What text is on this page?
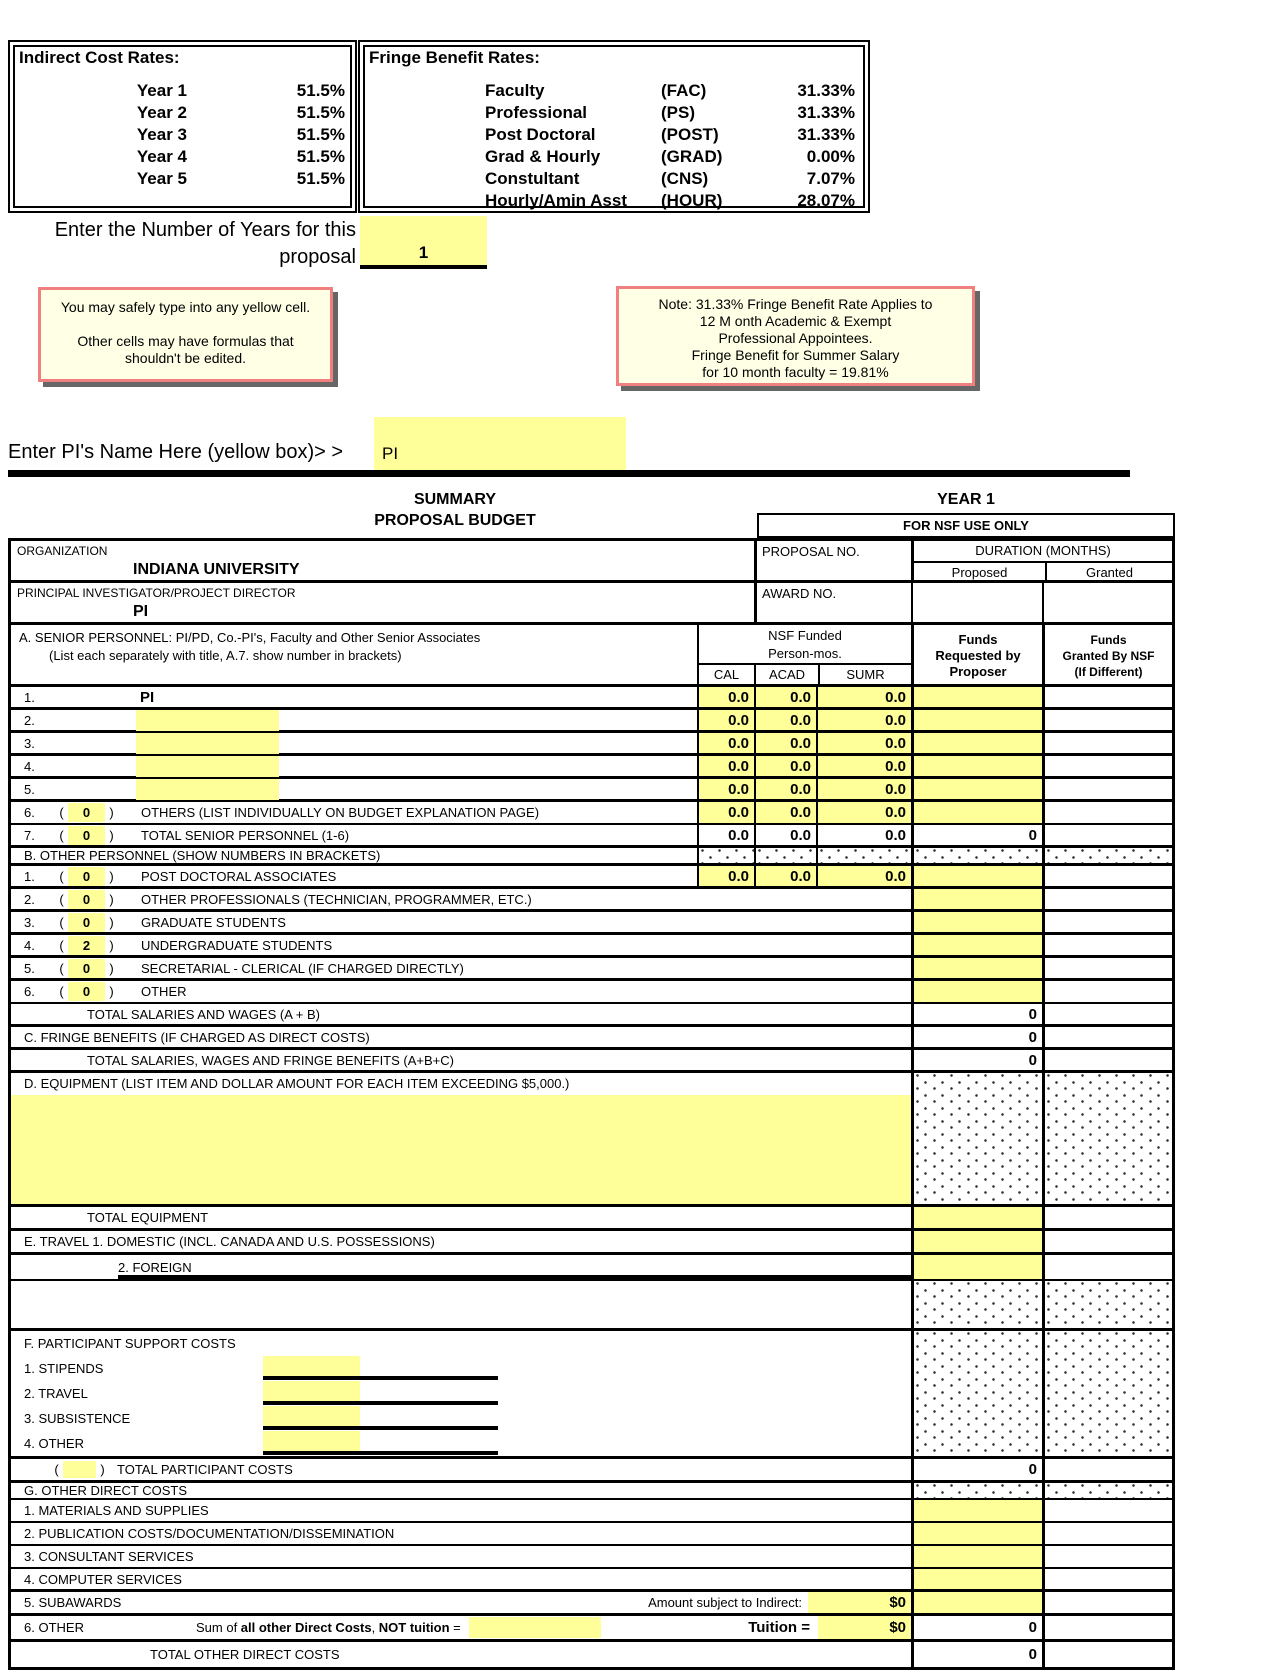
Indirect Cost Rates:
Year 1	51.5%
Year 2	51.5%
Year 3	51.5%
Year 4	51.5%
Year 5	51.5%
Fringe Benefit Rates:
Faculty	(FAC)	31.33%
Professional	(PS)	31.33%
Post Doctoral	(POST)	31.33%
Grad & Hourly	(GRAD)	0.00%
Constultant	(CNS)	7.07%
Hourly/Amin Asst	(HOUR)	28.07%
Enter the Number of Years for this
proposal	1
You may safely type into any yellow cell.

Other cells may have formulas that
shouldn't be edited.
Note: 31.33% Fringe Benefit Rate Applies to
12 M onth Academic & Exempt
Professional Appointees.
Fringe Benefit for Summer Salary
for 10 month faculty = 19.81%
Enter PI's Name Here (yellow box)> > PI
SUMMARY
PROPOSAL BUDGET
YEAR 1
FOR NSF USE ONLY
ORGANIZATION
INDIANA UNIVERSITY
PROPOSAL NO.	DURATION (MONTHS)
Proposed	Granted
PRINCIPAL INVESTIGATOR/PROJECT DIRECTOR
PI
AWARD NO.
A. SENIOR PERSONNEL: PI/PD, Co.-PI's, Faculty and Other Senior Associates
(List each separately with title, A.7. show number in brackets)
NSF Funded
Person-mos.
CAL	ACAD	SUMR
Funds
Requested by
Proposer
Funds
Granted By NSF
(If Different)
1.	PI	0.0	0.0	0.0
2.	0.0	0.0	0.0
3.	0.0	0.0	0.0
4.	0.0	0.0	0.0
5.	0.0	0.0	0.0
6.	(	0	)	OTHERS (LIST INDIVIDUALLY ON BUDGET EXPLANATION PAGE)	0.0	0.0	0.0
7.	(	0	)	TOTAL SENIOR PERSONNEL (1-6)	0.0	0.0	0.0	0
B. OTHER PERSONNEL (SHOW NUMBERS IN BRACKETS)
1.	(	0	)	POST DOCTORAL ASSOCIATES	0.0	0.0	0.0
2.	(	0	)	OTHER PROFESSIONALS (TECHNICIAN, PROGRAMMER, ETC.)
3.	(	0	)	GRADUATE STUDENTS
4.	(	2	)	UNDERGRADUATE STUDENTS
5.	(	0	)	SECRETARIAL - CLERICAL (IF CHARGED DIRECTLY)
6.	(	0	)	OTHER
TOTAL SALARIES AND WAGES (A + B)	0
C. FRINGE BENEFITS (IF CHARGED AS DIRECT COSTS)	0
TOTAL SALARIES, WAGES AND FRINGE BENEFITS (A+B+C)	0
D. EQUIPMENT (LIST ITEM AND DOLLAR AMOUNT FOR EACH ITEM EXCEEDING $5,000.)
TOTAL EQUIPMENT
E. TRAVEL 1. DOMESTIC (INCL. CANADA AND U.S. POSSESSIONS)
2. FOREIGN
F. PARTICIPANT SUPPORT COSTS
1. STIPENDS
2. TRAVEL
3. SUBSISTENCE
4. OTHER
(	) TOTAL PARTICIPANT COSTS	0
G. OTHER DIRECT COSTS
1. MATERIALS AND SUPPLIES
2. PUBLICATION COSTS/DOCUMENTATION/DISSEMINATION
3. CONSULTANT SERVICES
4. COMPUTER SERVICES
5. SUBAWARDS	Amount subject to Indirect:	$0
6. OTHER	Sum of all other Direct Costs, NOT tuition =	Tuition =	$0	0
TOTAL OTHER DIRECT COSTS	0
